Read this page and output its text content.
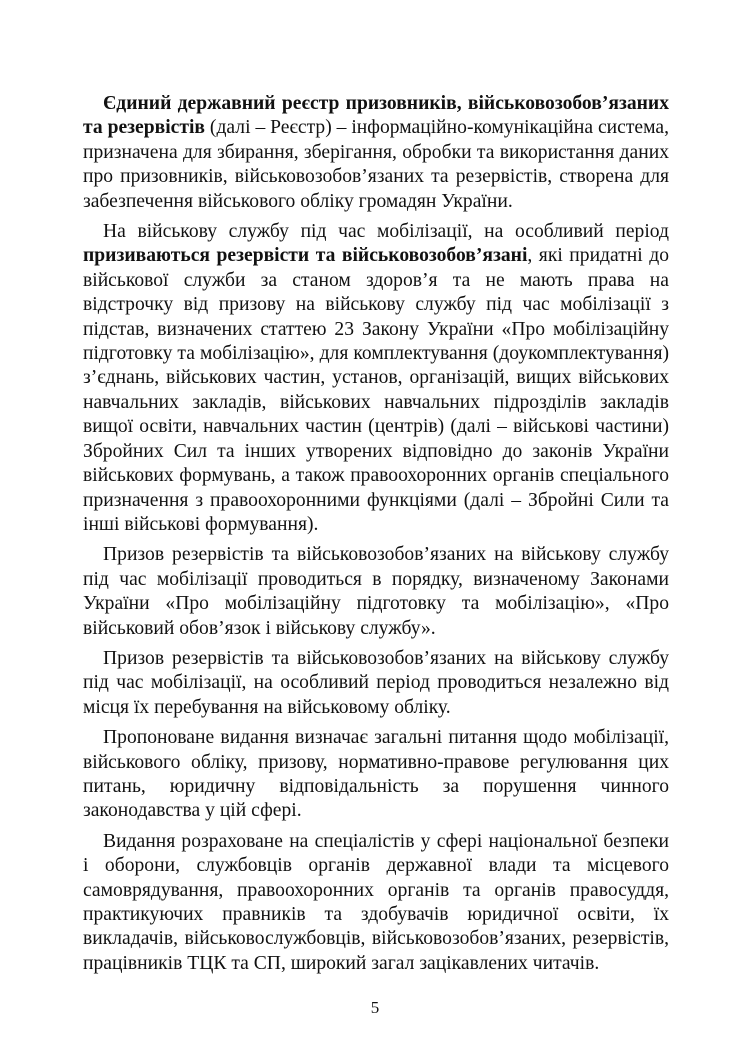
Єдиний державний реєстр призовників, військовозобов’язаних та резервістів (далі – Реєстр) – інформаційно-комунікаційна система, призначена для збирання, зберігання, обробки та використання даних про призовників, військовозобов’язаних та резервістів, створена для забезпечення військового обліку громадян України.

На військову службу під час мобілізації, на особливий період призиваються резервісти та військовозобов’язані, які придатні до військової служби за станом здоров’я та не мають права на відстрочку від призову на військову службу під час мобілізації з підстав, визначених статтею 23 Закону України «Про мобілізаційну підготовку та мобілізацію», для комплектування (доукомплектування) з’єднань, військових частин, установ, організацій, вищих військових навчальних закладів, військових навчальних підрозділів закладів вищої освіти, навчальних частин (центрів) (далі – військові частини) Збройних Сил та інших утворених відповідно до законів України військових формувань, а також правоохоронних органів спеціального призначення з правоохоронними функціями (далі – Збройні Сили та інші військові формування).

Призов резервістів та військовозобов’язаних на військову службу під час мобілізації проводиться в порядку, визначеному Законами України «Про мобілізаційну підготовку та мобілізацію», «Про військовий обов’язок і військову службу».

Призов резервістів та військовозобов’язаних на військову службу під час мобілізації, на особливий період проводиться незалежно від місця їх перебування на військовому обліку.

Пропоноване видання визначає загальні питання щодо мобілізації, військового обліку, призову, нормативно-правове регулювання цих питань, юридичну відповідальність за порушення чинного законодавства у цій сфері.

Видання розраховане на спеціалістів у сфері національної безпеки і оборони, службовців органів державної влади та місцевого самоврядування, правоохоронних органів та органів правосуддя, практикуючих правників та здобувачів юридичної освіти, їх викладачів, військовослужбовців, військовозобов’язаних, резервістів, працівників ТЦК та СП, широкий загал зацікавлених читачів.

5
